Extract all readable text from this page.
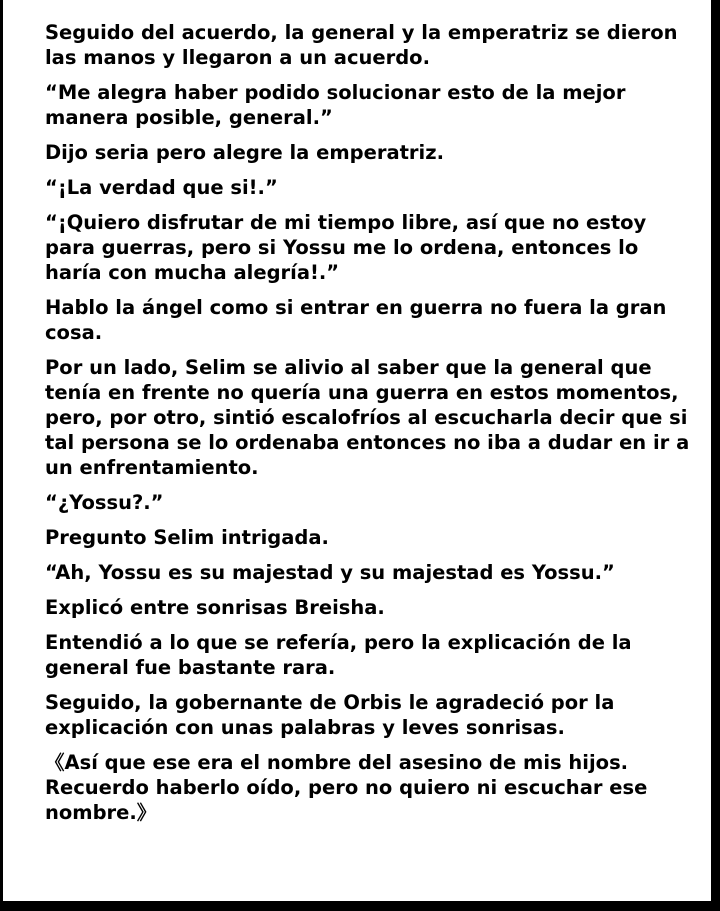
Seguido del acuerdo, la general y la emperatriz se dieron las manos y llegaron a un acuerdo.

“Me alegra haber podido solucionar esto de la mejor manera posible, general.”

Dijo seria pero alegre la emperatriz.

“¡La verdad que si!.”

“¡Quiero disfrutar de mi tiempo libre, así que no estoy para guerras, pero si Yossu me lo ordena, entonces lo haría con mucha alegría!.”

Hablo la ángel como si entrar en guerra no fuera la gran cosa.

Por un lado, Selim se alivio al saber que la general que tenía en frente no quería una guerra en estos momentos, pero, por otro, sintió escalofríos al escucharla decir que si tal persona se lo ordenaba entonces no iba a dudar en ir a un enfrentamiento.

“¿Yossu?.”

Pregunto Selim intrigada.

“Ah, Yossu es su majestad y su majestad es Yossu.”

Explicó entre sonrisas Breisha.

Entendió a lo que se refería, pero la explicación de la general fue bastante rara.

Seguido, la gobernante de Orbis le agradeció por la explicación con unas palabras y leves sonrisas.

《Así que ese era el nombre del asesino de mis hijos.
Recuerdo haberlo oído, pero no quiero ni escuchar ese nombre.》
